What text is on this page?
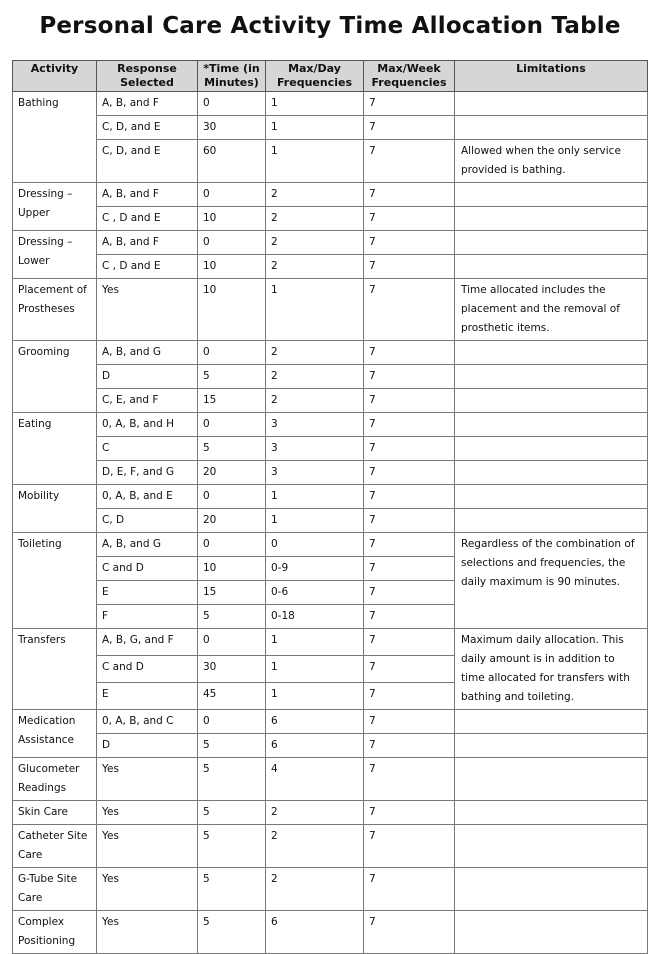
Personal Care Activity Time Allocation Table
Activity	Response Selected	*Time (in Minutes)	Max/Day Frequencies	Max/Week Frequencies	Limitations
Bathing	A, B, and F	0	1	7	
	C, D, and E	30	1	7	
	C, D, and E	60	1	7	Allowed when the only service provided is bathing.
Dressing – Upper	A, B, and F	0	2	7	
	C , D and E	10	2	7	
Dressing – Lower	A, B, and F	0	2	7	
	C , D and E	10	2	7	
Placement of Prostheses	Yes	10	1	7	Time allocated includes the placement and the removal of prosthetic items.
Grooming	A, B, and G	0	2	7	
	D	5	2	7	
	C, E, and F	15	2	7	
Eating	0, A, B, and H	0	3	7	
	C	5	3	7	
	D, E, F, and G	20	3	7	
Mobility	0, A, B, and E	0	1	7	
	C, D	20	1	7	
Toileting	A, B, and G	0	0	7	Regardless of the combination of selections and frequencies, the daily maximum is 90 minutes.
	C and D	10	0-9	7	
	E	15	0-6	7	
	F	5	0-18	7	
Transfers	A, B, G, and F	0	1	7	Maximum daily allocation. This daily amount is in addition to time allocated for transfers with bathing and toileting.
	C and D	30	1	7	
	E	45	1	7	
Medication Assistance	0, A, B, and C	0	6	7	
	D	5	6	7	
Glucometer Readings	Yes	5	4	7	
Skin Care	Yes	5	2	7	
Catheter Site Care	Yes	5	2	7	
G-Tube Site Care	Yes	5	2	7	
Complex Positioning	Yes	5	6	7	
